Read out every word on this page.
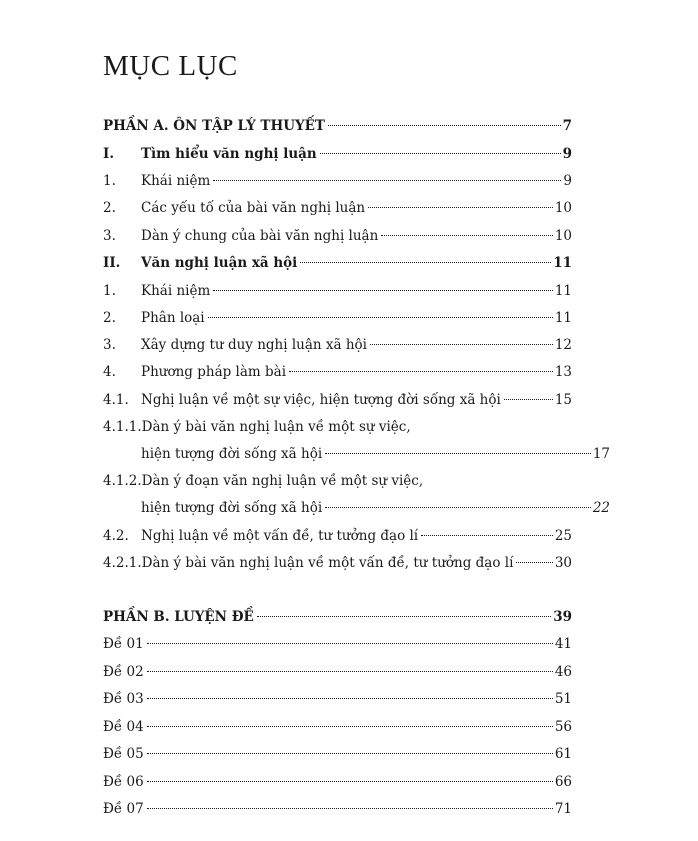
MỤC LỤC
PHẦN A. ÔN TẬP LÝ THUYẾT	7
I.	Tìm hiểu văn nghị luận	9
1.	Khái niệm	9
2.	Các yếu tố của bài văn nghị luận	10
3.	Dàn ý chung của bài văn nghị luận	10
II.	Văn nghị luận xã hội	11
1.	Khái niệm	11
2.	Phân loại	11
3.	Xây dựng tư duy nghị luận xã hội	12
4.	Phương pháp làm bài	13
4.1. Nghị luận về một sự việc, hiện tượng đời sống xã hội	15
4.1.1. Dàn ý bài văn nghị luận về một sự việc,
hiện tượng đời sống xã hội	17
4.1.2. Dàn ý đoạn văn nghị luận về một sự việc,
hiện tượng đời sống xã hội	22
4.2. Nghị luận về một vấn đề, tư tưởng đạo lí	25
4.2.1. Dàn ý bài văn nghị luận về một vấn đề, tư tưởng đạo lí	30
PHẦN B. LUYỆN ĐỀ	39
Đề 01	41
Đề 02	46
Đề 03	51
Đề 04	56
Đề 05	61
Đề 06	66
Đề 07	71
